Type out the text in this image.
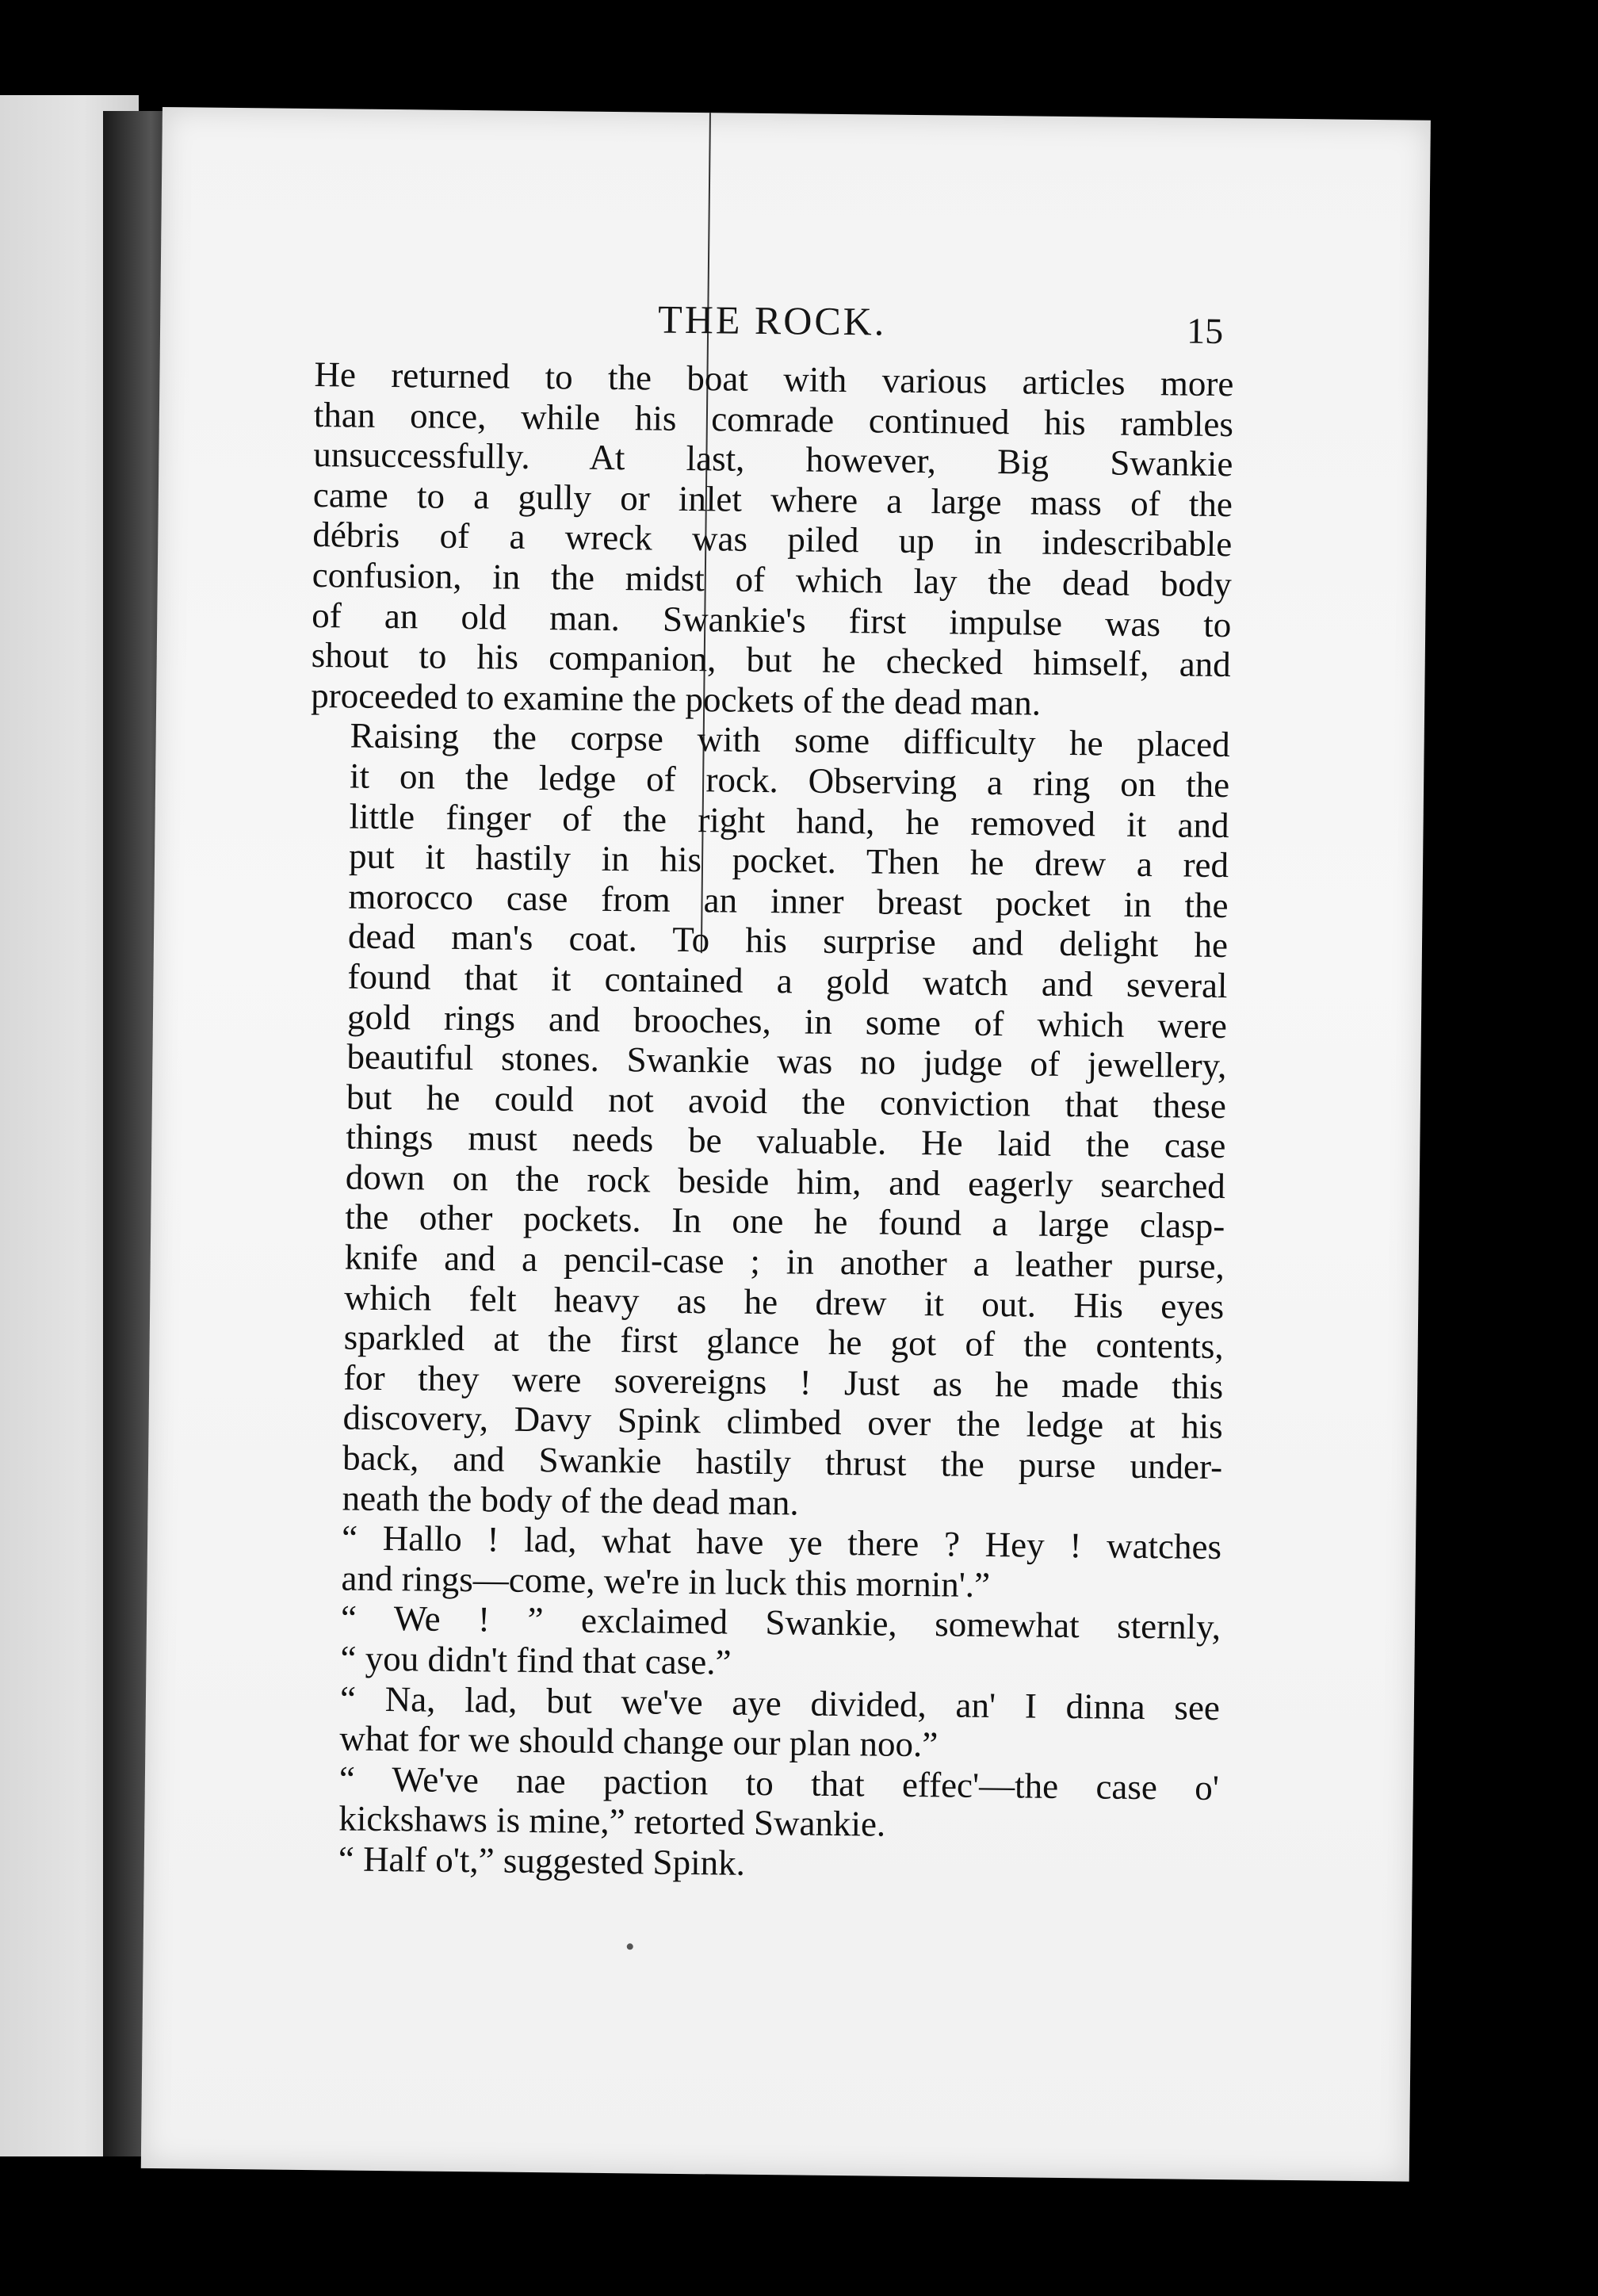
THE ROCK.	15

He returned to the boat with various articles more
than once, while his comrade continued his rambles
unsuccessfully. At last, however, Big Swankie
came to a gully or inlet where a large mass of the
débris of a wreck was piled up in indescribable
confusion, in the midst of which lay the dead body
of an old man. Swankie's first impulse was to
shout to his companion, but he checked himself, and
proceeded to examine the pockets of the dead man.

Raising the corpse with some difficulty he placed
it on the ledge of rock. Observing a ring on the
little finger of the right hand, he removed it and
put it hastily in his pocket. Then he drew a red
morocco case from an inner breast pocket in the
dead man's coat. To his surprise and delight he
found that it contained a gold watch and several
gold rings and brooches, in some of which were
beautiful stones. Swankie was no judge of jewellery,
but he could not avoid the conviction that these
things must needs be valuable. He laid the case
down on the rock beside him, and eagerly searched
the other pockets. In one he found a large clasp-
knife and a pencil-case ; in another a leather purse,
which felt heavy as he drew it out. His eyes
sparkled at the first glance he got of the contents,
for they were sovereigns ! Just as he made this
discovery, Davy Spink climbed over the ledge at his
back, and Swankie hastily thrust the purse under-
neath the body of the dead man.

“ Hallo ! lad, what have ye there ? Hey ! watches
and rings—come, we're in luck this mornin'.”

“ We ! ” exclaimed Swankie, somewhat sternly,
“ you didn't find that case.”

“ Na, lad, but we've aye divided, an' I dinna see
what for we should change our plan noo.”

“ We've nae paction to that effec'—the case o'
kickshaws is mine,” retorted Swankie.

“ Half o't,” suggested Spink.
